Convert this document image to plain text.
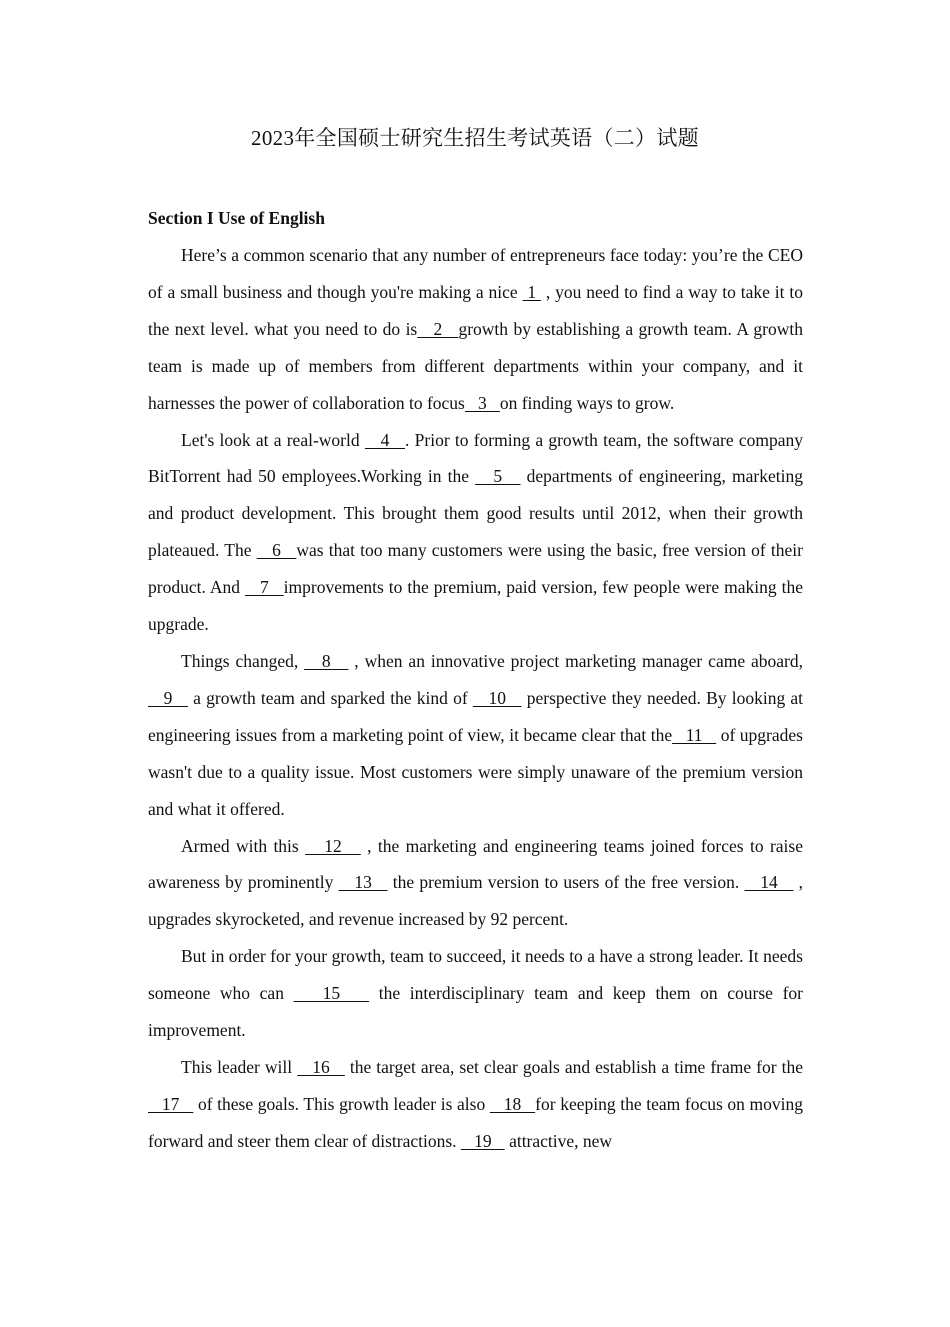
2023年全国硕士研究生招生考试英语（二）试题
Section I Use of English

Here’s a common scenario that any number of entrepreneurs face today: you’re the CEO of a small business and though you're making a nice  1  , you need to find a way to take it to the next level. what you need to do is   2   growth by establishing a growth team. A growth team is made up of members from different departments within your company, and it harnesses the power of collaboration to focus   3   on finding ways to grow.

Let's look at a real-world    4   . Prior to forming a growth team, the software company BitTorrent had 50 employees.Working in the    5    departments of engineering, marketing and product development. This brought them good results until 2012, when their growth plateaued. The    6   was that too many customers were using the basic, free version of their product. And    7   improvements to the premium, paid version, few people were making the upgrade.

Things changed,    8    , when an innovative project marketing manager came aboard,    9    a growth team and sparked the kind of    10    perspective they needed. By looking at engineering issues from a marketing point of view, it became clear that the   11    of upgrades wasn't due to a quality issue. Most customers were simply unaware of the premium version and what it offered.

Armed with this    12    , the marketing and engineering teams joined forces to raise awareness by prominently    13    the premium version to users of the free version.    14    , upgrades skyrocketed, and revenue increased by 92 percent.

But in order for your growth, team to succeed, it needs to a have a strong leader. It needs someone who can    15    the interdisciplinary team and keep them on course for improvement.

This leader will    16    the target area, set clear goals and establish a time frame for the   17    of these goals. This growth leader is also    18   for keeping the team focus on moving forward and steer them clear of distractions.    19    attractive, new
